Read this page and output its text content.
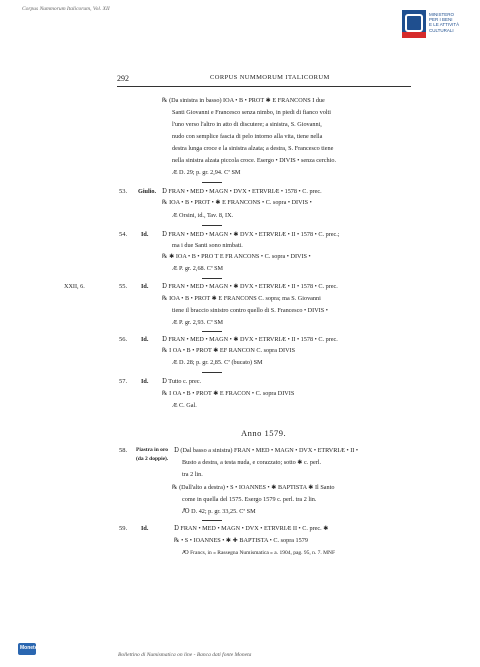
Corpus Nummorum Italicorum, Vol. XII
MINISTERO
PER I BENI
E LE ATTIVITÀ
CULTURALI
292	CORPUS NUMMORUM ITALICORUM
℞ (Da sinistra in basso) IOA • B • PROT ✱ E FRANCONS I due
Santi Giovanni e Francesco senza nimbo, in piedi di fianco volti
l'uno verso l'altro in atto di discutere; a sinistra, S. Giovanni,
nudo con semplice fascia di pelo intorno alla vita, tiene nella
destra lunga croce e la sinistra alzata; a destra, S. Francesco tiene
nella sinistra alzata piccola croce. Esergo • DIVIS • senza cerchio.
Æ D. 29; p. gr. 2,94. Cª SM
53. Giulio. Ɒ FRAN • MED • MAGN • DVX • ETRVRIÆ • 1578 • C. prec.
℞ IOA • B • PROT • ✱ E FRANCONS • C. sopra • DIVIS •
Æ Orsini, id., Tav. 8, IX.
54. Id. Ɒ FRAN • MED • MAGN • ✱ DVX • ETRVRIÆ • II • 1578 • C. prec.;
ma i due Santi sono nimbati.
℞ ✱ IOA • B • PRO T E FR ANCONS • C. sopra • DIVIS •
Æ P. gr. 2,68. Cª SM
XXII, 6.	55. Id. Ɒ FRAN • MED • MAGN • ✱ DVX • ETRVRIÆ • II • 1578 • C. prec.
℞ IOA • B • PROT ✱ E FRANCONS C. sopra; ma S. Giovanni
tiene il braccio sinistro contro quello di S. Francesco • DIVIS •
Æ P. gr. 2,93. Cª SM
56. Id. Ɒ FRAN • MED • MAGN • ✱ DVX • ETRVRIÆ • II • 1578 • C. prec.
℞ I OA • B • PROT ✱ EF RANCON C. sopra DIVIS
Æ D. 28; p. gr. 2,85. Cª (bucato) SM
57. Id. Ɒ Tutto c. prec.
℞ I OA • B • PROT ✱ E FRACON • C. sopra DIVIS
Æ C. Gal.
Anno 1579.
58. Piastra in oro
(da 2 doppie).
Ɒ (Dal basso a sinistra) FRAN • MED • MAGN • DVX • ETRVRIÆ • II •
Busto a destra, a testa nuda, e corazzato; sotto ✱ c. perl.
tra 2 lin.
℞ (Dall'alto a destra) • S • IOANNES • ✱ BAPTISTA ✱ Il Santo
come in quella del 1575. Esergo 1579 c. perl. tra 2 lin.
Ꜵ D. 42; p. gr. 33,25. Cª SM
59. Id.	Ɒ FRAN • MED • MAGN • DVX • ETRVRIÆ II • C. prec. ✱
℞ • S • IOANNES • ✱ ✚ BAPTISTA • C. sopra 1579
Ꜵ Francs, in « Rassegna Numismatica » a. 1904, pag. 95, n. 7. MNF
Monete
Bollettino di Numismatica on line - Banca dati fonte Moneta
